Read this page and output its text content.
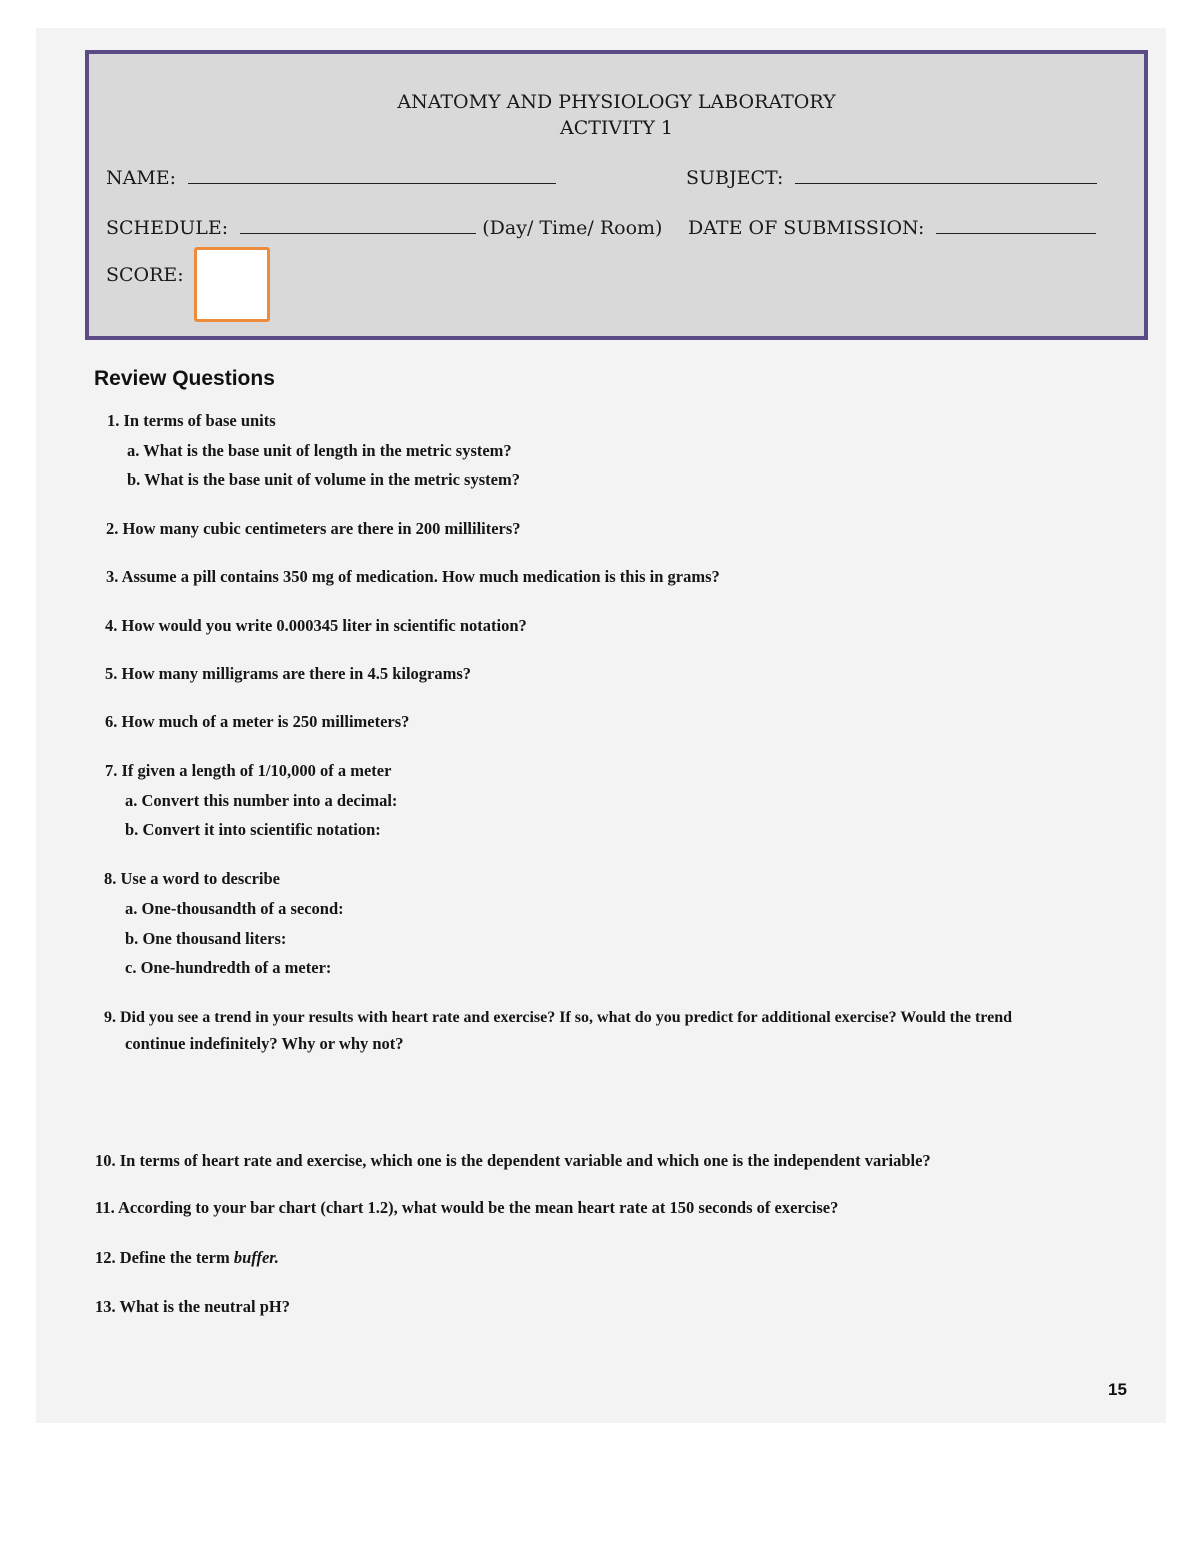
ANATOMY AND PHYSIOLOGY LABORATORY
ACTIVITY 1
NAME:	SUBJECT:
SCHEDULE:	(Day/ Time/ Room) DATE OF SUBMISSION:
SCORE:
Review Questions
1. In terms of base units
a. What is the base unit of length in the metric system?
b. What is the base unit of volume in the metric system?
2. How many cubic centimeters are there in 200 milliliters?
3. Assume a pill contains 350 mg of medication. How much medication is this in grams?
4. How would you write 0.000345 liter in scientific notation?
5. How many milligrams are there in 4.5 kilograms?
6. How much of a meter is 250 millimeters?
7. If given a length of 1/10,000 of a meter
a. Convert this number into a decimal:
b. Convert it into scientific notation:
8. Use a word to describe
a. One-thousandth of a second:
b. One thousand liters:
c. One-hundredth of a meter:
9. Did you see a trend in your results with heart rate and exercise? If so, what do you predict for additional exercise? Would the trend
continue indefinitely? Why or why not?
10. In terms of heart rate and exercise, which one is the dependent variable and which one is the independent variable?
11. According to your bar chart (chart 1.2), what would be the mean heart rate at 150 seconds of exercise?
12. Define the term buffer.
13. What is the neutral pH?
15
